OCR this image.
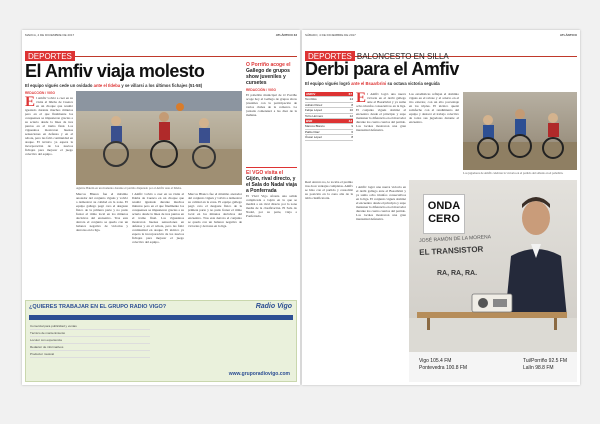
MARCA, 4 DE DICIEMBRE DE 2017	ATLÁNTICO 33
DEPORTES
El Amfiv viaja molesto
El equipo vigués cede un ovidado ante el Ildeba y se villarsi a los últimos fichajes (51-58)
REDACCIÓN / VIGO
El Amfiv volvió a caer en su visita al Ildeba de Cuenca en un choque que resultó igualado durante muchos minutos pero en el que finalmente los conquenses se impusieron gracias a su acierto desde la línea de tres puntos en el tramo final. Los viguesinos mostraron buenas sensaciones en defensa y en el rebote, pero les faltó continuidad en ataque. El técnico ya espera la incorporación de los nuevos fichajes para mejorar el juego colectivo del equipo.
Aguirre Baizán en un momento durante el partido disputado por el Amfiv ante el Ildeba.
Marcos Blanco fue el máximo anotador del conjunto vigués y volvió a demostrar su calidad en la zona. El equipo gallego pagó caro el desgaste físico de la primera parte y no pudo frenar el ritmo local en los minutos decisivos del encuentro. Tras esta derrota el conjunto se queda con un balance negativo de victorias y derrotas en la liga.
l Amfiv volvió a caer en su visita al Ildeba de Cuenca en un choque que resultó igualado durante muchos minutos pero en el que finalmente los conquenses se impusieron gracias a su acierto desde la línea de tres puntos en el tramo final. Los viguesinos mostraron buenas sensaciones en defensa y en el rebote, pero les faltó continuidad en ataque. El técnico ya espera la incorporación de los nuevos fichajes para mejorar el juego colectivo del equipo.
Marcos Blanco fue el máximo anotador del conjunto vigués y volvió a demostrar su calidad en la zona. El equipo gallego pagó caro el desgaste físico de la primera parte y no pudo frenar el ritmo local en los minutos decisivos del encuentro. Tras esta derrota el conjunto se queda con un balance negativo de victorias y derrotas en la liga.
O Porriño acoge el Gallego de grupos show juveniles y cursetes
REDACCIÓN / VIGO
El pabellón municipal de O Porriño acoge hoy el Gallego de grupos show juveniles con la participación de varios clubes de la comarca. La jornada comenzará a las diez de la mañana.
El VGO visita el Gijón, rival directo, y el Sala do Nadal viaja a Ponferrada
El VGO Vigo afronta una salida complicada a Gijón en la que se medirá a un rival directo por la zona media de la clasificación. El Sala do Nadal, por su parte, viaja a Ponferrada.
¿QUIERES TRABAJAR EN EL GRUPO RADIO VIGO?	Radio Vigo
Comercial para publicidad y ventas
Técnico de mantenimiento
Locutor con experiencia
Redactor de informativos
Productor musical
www.gruporadiovigo.com
SÁBADO, 4 DE DICIEMBRE DE 2017	ATLÁNTICO
DEPORTES BALONCESTO EN SILLA
Derbi para el Amfiv
El equipo vigués logró ante el Bsaarbrini su octava victoria seguida
AMFIV	67
Toni Ros	14
Adrián Pérez	8
Felipe López	10
Toño Hornero	12
BSR	43
Marcos Blanco	9
Pablo Díaz	6
Óscar López	8
El Amfiv logró una nueva victoria en el derbi gallego ante el Bsaarbrini y ya suma ocho triunfos consecutivos en la liga. El conjunto vigués dominó el encuentro desde el principio y supo mantener la diferencia en el marcador durante los cuatro cuartos del partido. Los locales mostraron una gran intensidad defensiva.
Las estadísticas reflejan el dominio vigués en el rebote y el acierto en el tiro exterior, con un alto porcentaje en los triples. El técnico quedó satisfecho con el rendimiento del equipo y destacó el trabajo colectivo de todos sus jugadores durante el encuentro.
Los jugadores de Amfiv celebran la victoria en el partido del sábado en el pabellón.
Real Anvers no, le tocaba el premio tras doce ventajas completas. Amfiv se hizo con el partido y consolidó su posición en la zona alta de la tabla clasificatoria.
l Amfiv logró una nueva victoria en el derbi gallego ante el Bsaarbrini y ya suma ocho triunfos consecutivos en la liga. El conjunto vigués dominó el encuentro desde el principio y supo mantener la diferencia en el marcador durante los cuatro cuartos del partido. Los locales mostraron una gran intensidad defensiva.
ONDA
CERO
JOSÉ RAMÓN DE LA MORENA
EL TRANSISTOR
RA, RA, RA.
Vigo 105.4 FM
Pontevedra 100.8 FM
Tui/Porriño 92.5 FM
Lalín 98.8 FM
